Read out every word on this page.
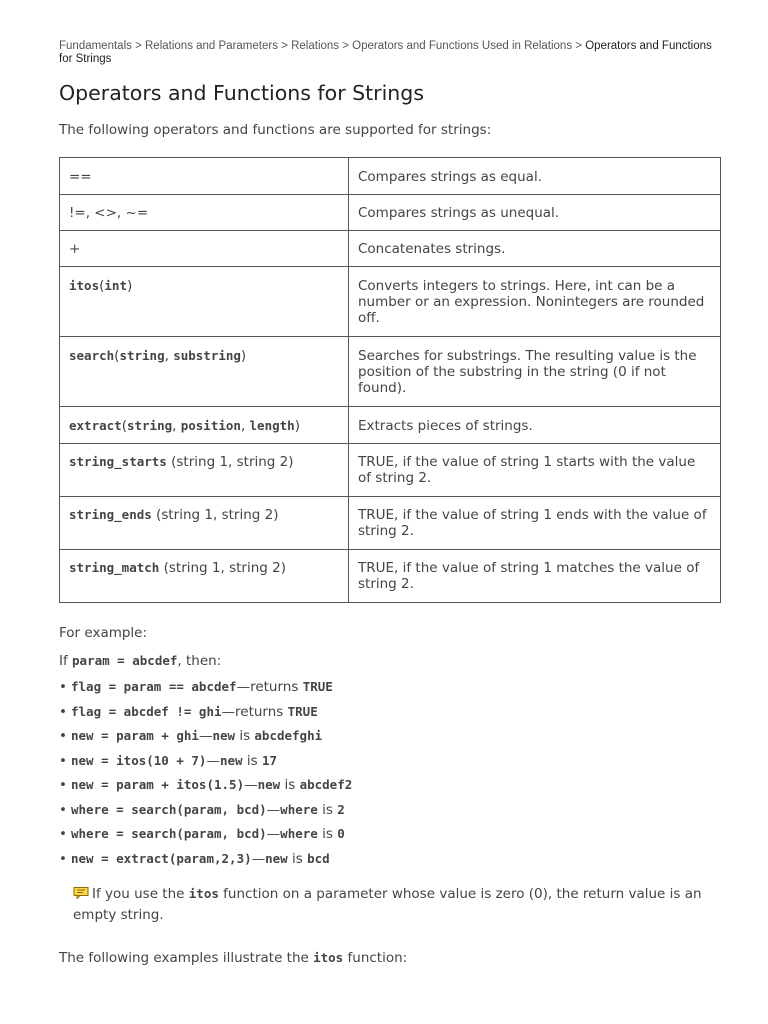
Fundamentals > Relations and Parameters > Relations > Operators and Functions Used in Relations > Operators and Functions for Strings
Operators and Functions for Strings

The following operators and functions are supported for strings:

==	Compares strings as equal.
!=, <>, ~=	Compares strings as unequal.
+	Concatenates strings.
itos(int)	Converts integers to strings. Here, int can be a number or an expression. Nonintegers are rounded off.
search(string, substring)	Searches for substrings. The resulting value is the position of the substring in the string (0 if not found).
extract(string, position, length)	Extracts pieces of strings.
string_starts (string 1, string 2)	TRUE, if the value of string 1 starts with the value of string 2.
string_ends (string 1, string 2)	TRUE, if the value of string 1 ends with the value of string 2.
string_match (string 1, string 2)	TRUE, if the value of string 1 matches the value of string 2.

For example:

If param = abcdef, then:

• flag = param == abcdef—returns TRUE
• flag = abcdef != ghi—returns TRUE
• new = param + ghi—new is abcdefghi
• new = itos(10 + 7)—new is 17
• new = param + itos(1.5)—new is abcdef2
• where = search(param, bcd)—where is 2
• where = search(param, bcd)—where is 0
• new = extract(param,2,3)—new is bcd

If you use the itos function on a parameter whose value is zero (0), the return value is an empty string.

The following examples illustrate the itos function:
